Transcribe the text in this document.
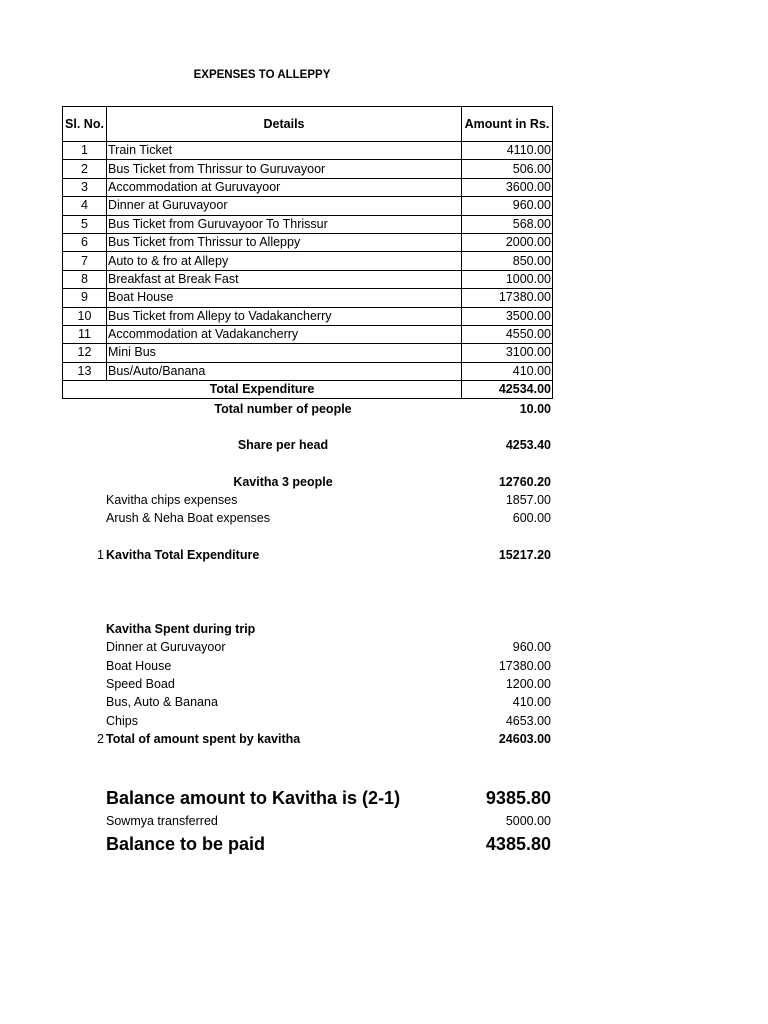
EXPENSES TO ALLEPPY
Sl. No.	Details	Amount in Rs.
1	Train Ticket	4110.00
2	Bus Ticket from Thrissur to Guruvayoor	506.00
3	Accommodation at Guruvayoor	3600.00
4	Dinner at Guruvayoor	960.00
5	Bus Ticket from Guruvayoor To Thrissur	568.00
6	Bus Ticket from Thrissur to Alleppy	2000.00
7	Auto to & fro at Allepy	850.00
8	Breakfast at Break Fast	1000.00
9	Boat House	17380.00
10	Bus Ticket from Allepy to Vadakancherry	3500.00
11	Accommodation at Vadakancherry	4550.00
12	Mini Bus	3100.00
13	Bus/Auto/Banana	410.00
Total Expenditure		42534.00
Total number of people	10.00
Share per head	4253.40
Kavitha 3 people	12760.20
Kavitha chips expenses	1857.00
Arush & Neha Boat expenses	600.00
1 Kavitha Total Expenditure	15217.20
Kavitha Spent during trip
Dinner at Guruvayoor	960.00
Boat House	17380.00
Speed Boad	1200.00
Bus, Auto & Banana	410.00
Chips	4653.00
2 Total of amount spent by kavitha	24603.00
Balance amount to Kavitha is (2-1)	9385.80
Sowmya transferred	5000.00
Balance to be paid	4385.80
